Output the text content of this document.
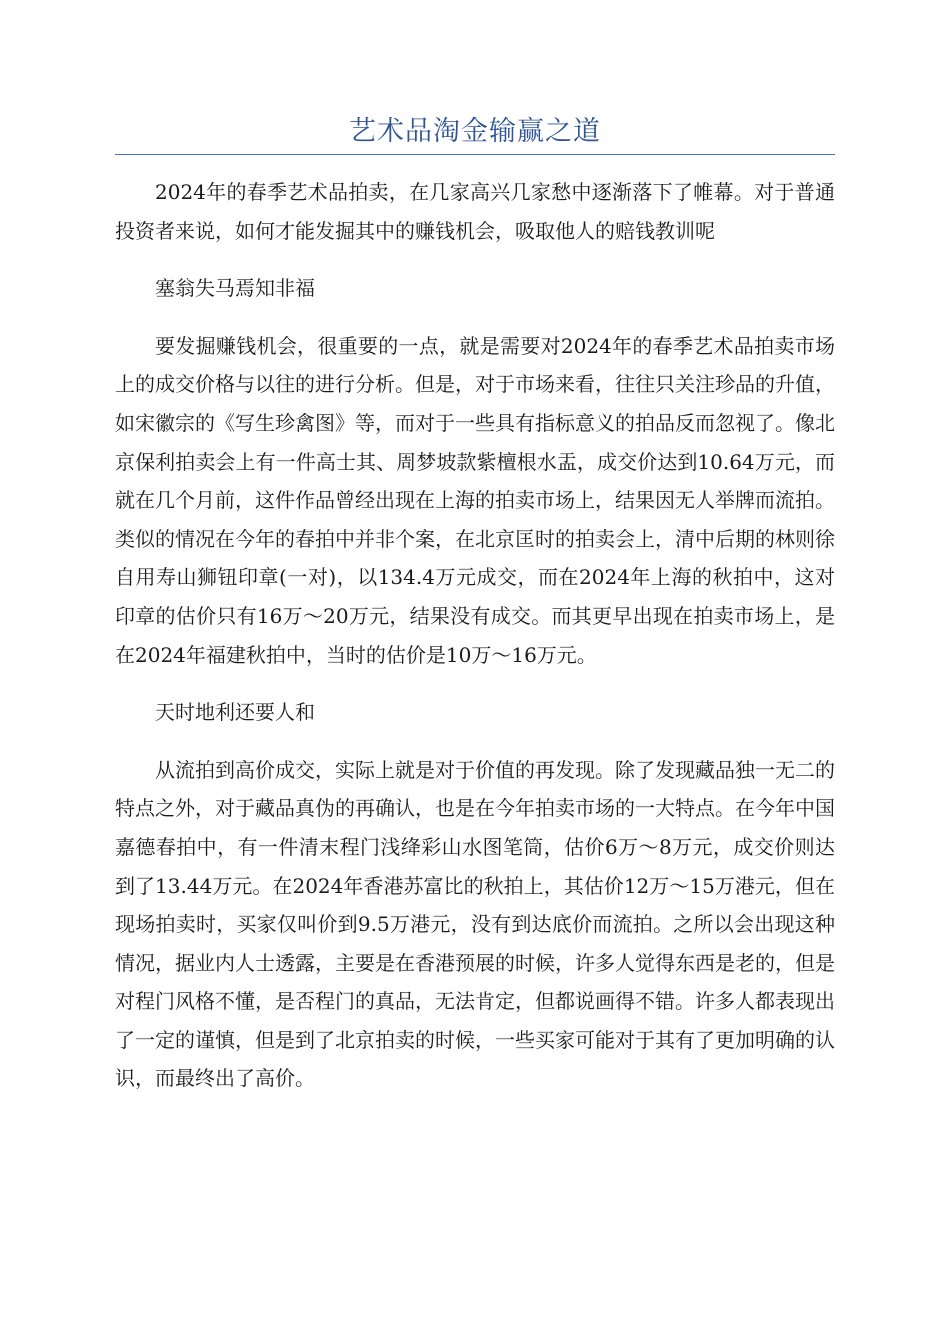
艺术品淘金输赢之道

2024年的春季艺术品拍卖，在几家高兴几家愁中逐渐落下了帷幕。对于普通投资者来说，如何才能发掘其中的赚钱机会，吸取他人的赔钱教训呢

塞翁失马焉知非福

要发掘赚钱机会，很重要的一点，就是需要对2024年的春季艺术品拍卖市场上的成交价格与以往的进行分析。但是，对于市场来看，往往只关注珍品的升值，如宋徽宗的《写生珍禽图》等，而对于一些具有指标意义的拍品反而忽视了。像北京保利拍卖会上有一件高士其、周梦坡款紫檀根水盂，成交价达到10.64万元，而就在几个月前，这件作品曾经出现在上海的拍卖市场上，结果因无人举牌而流拍。类似的情况在今年的春拍中并非个案，在北京匡时的拍卖会上，清中后期的林则徐自用寿山狮钮印章(一对)，以134.4万元成交，而在2024年上海的秋拍中，这对印章的估价只有16万～20万元，结果没有成交。而其更早出现在拍卖市场上，是在2024年福建秋拍中，当时的估价是10万～16万元。

天时地利还要人和

从流拍到高价成交，实际上就是对于价值的再发现。除了发现藏品独一无二的特点之外，对于藏品真伪的再确认，也是在今年拍卖市场的一大特点。在今年中国嘉德春拍中，有一件清末程门浅绛彩山水图笔筒，估价6万～8万元，成交价则达到了13.44万元。在2024年香港苏富比的秋拍上，其估价12万～15万港元，但在现场拍卖时，买家仅叫价到9.5万港元，没有到达底价而流拍。之所以会出现这种情况，据业内人士透露，主要是在香港预展的时候，许多人觉得东西是老的，但是对程门风格不懂，是否程门的真品，无法肯定，但都说画得不错。许多人都表现出了一定的谨慎，但是到了北京拍卖的时候，一些买家可能对于其有了更加明确的认识，而最终出了高价。
